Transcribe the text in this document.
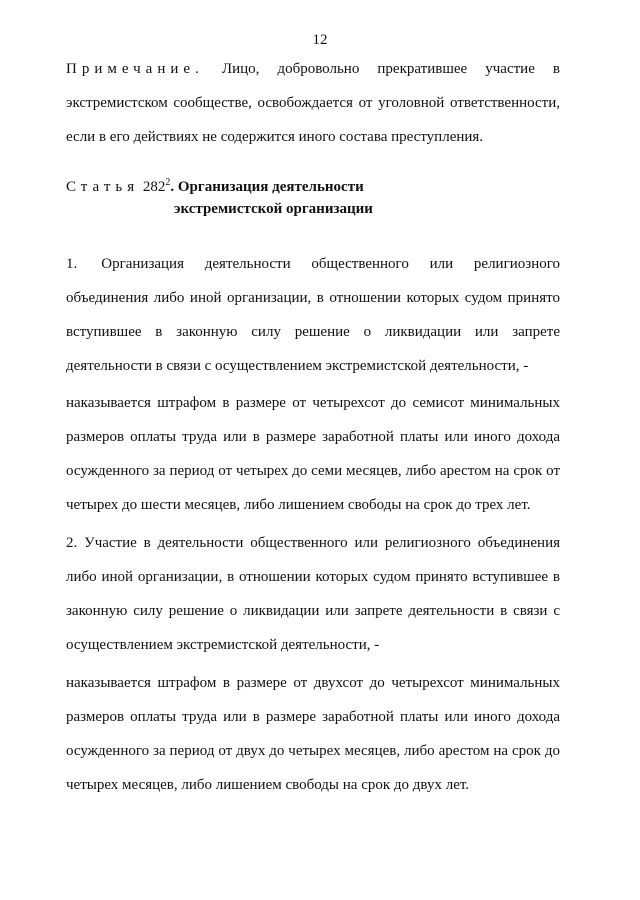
12
Примечание. Лицо, добровольно прекратившее участие в экстремистском сообществе, освобождается от уголовной ответственности, если в его действиях не содержится иного состава преступления.
Статья $282^2$. Организация деятельности
экстремистской организации
1. Организация деятельности общественного или религиозного объединения либо иной организации, в отношении которых судом принято вступившее в законную силу решение о ликвидации или запрете деятельности в связи с осуществлением экстремистской деятельности, -
наказывается штрафом в размере от четырехсот до семисот минимальных размеров оплаты труда или в размере заработной платы или иного дохода осужденного за период от четырех до семи месяцев, либо арестом на срок от четырех до шести месяцев, либо лишением свободы на срок до трех лет.
2. Участие в деятельности общественного или религиозного объединения либо иной организации, в отношении которых судом принято вступившее в законную силу решение о ликвидации или запрете деятельности в связи с осуществлением экстремистской деятельности, -
наказывается штрафом в размере от двухсот до четырехсот минимальных размеров оплаты труда или в размере заработной платы или иного дохода осужденного за период от двух до четырех месяцев, либо арестом на срок до четырех месяцев, либо лишением свободы на срок до двух лет.
